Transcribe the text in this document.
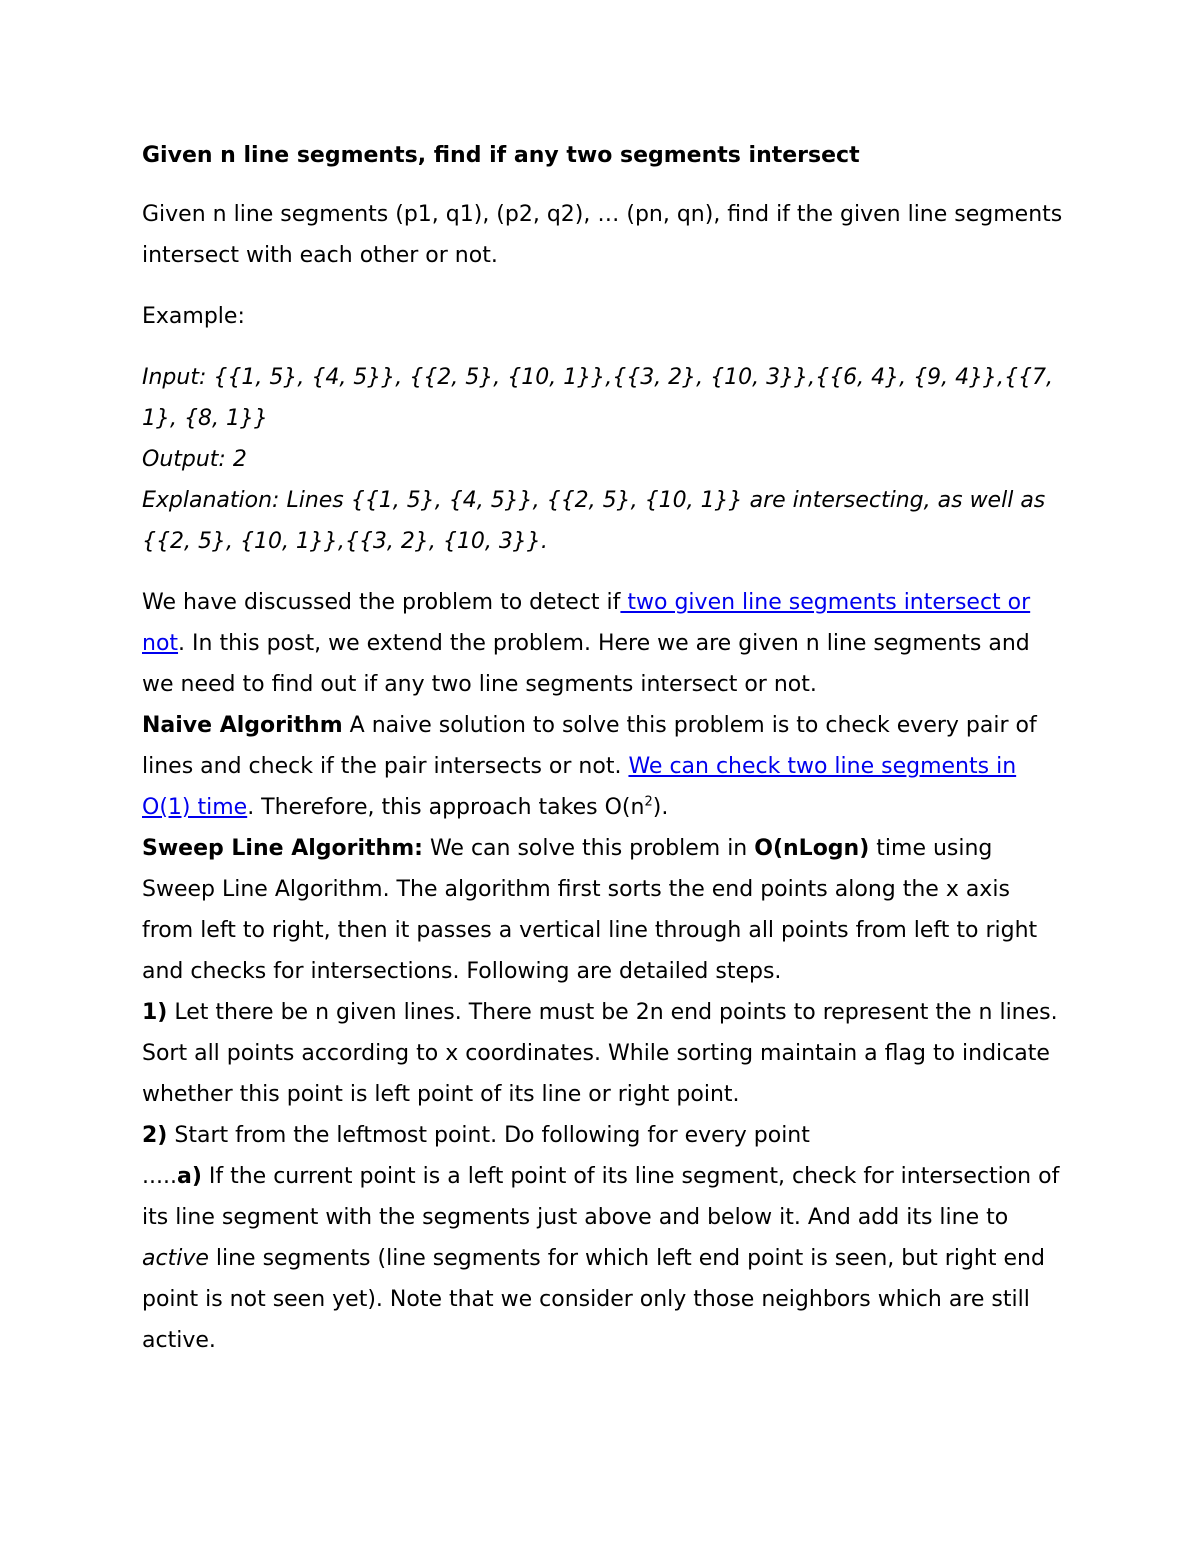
Given n line segments, find if any two segments intersect

Given n line segments (p1, q1), (p2, q2), … (pn, qn), find if the given line segments intersect with each other or not.

Example:

Input: {{1, 5}, {4, 5}}, {{2, 5}, {10, 1}},{{3, 2}, {10, 3}},{{6, 4}, {9, 4}},{{7, 1}, {8, 1}}

Output: 2

Explanation: Lines {{1, 5}, {4, 5}}, {{2, 5}, {10, 1}} are intersecting, as well as {{2, 5}, {10, 1}},{{3, 2}, {10, 3}}.

We have discussed the problem to detect if two given line segments intersect or not. In this post, we extend the problem. Here we are given n line segments and we need to find out if any two line segments intersect or not.
Naive Algorithm A naive solution to solve this problem is to check every pair of lines and check if the pair intersects or not. We can check two line segments in O(1) time. Therefore, this approach takes $O(n^2)$.
Sweep Line Algorithm: We can solve this problem in O(nLogn) time using Sweep Line Algorithm. The algorithm first sorts the end points along the x axis from left to right, then it passes a vertical line through all points from left to right and checks for intersections. Following are detailed steps.
1) Let there be n given lines. There must be 2n end points to represent the n lines. Sort all points according to x coordinates. While sorting maintain a flag to indicate whether this point is left point of its line or right point.
2) Start from the leftmost point. Do following for every point
.....a) If the current point is a left point of its line segment, check for intersection of its line segment with the segments just above and below it. And add its line to active line segments (line segments for which left end point is seen, but right end point is not seen yet). Note that we consider only those neighbors which are still active.
